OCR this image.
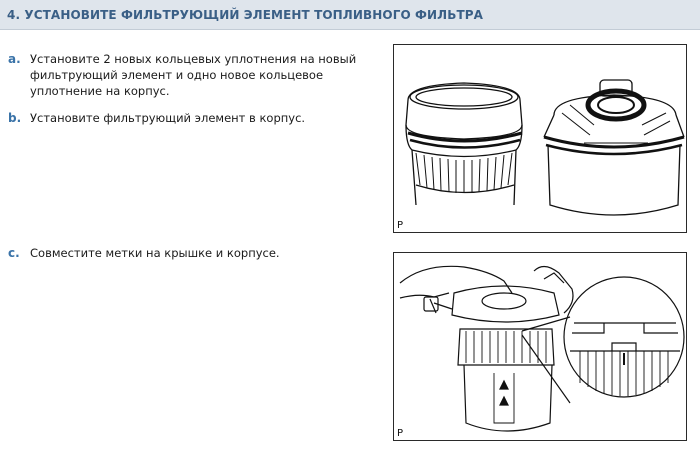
4. УСТАНОВИТЕ ФИЛЬТРУЮЩИЙ ЭЛЕМЕНТ ТОПЛИВНОГО ФИЛЬТРА
a. Установите 2 новых кольцевых уплотнения на новый фильтрующий элемент и одно новое кольцевое уплотнение на корпус.
b. Установите фильтрующий элемент в корпус.
c. Совместите метки на крышке и корпусе.
P
P
